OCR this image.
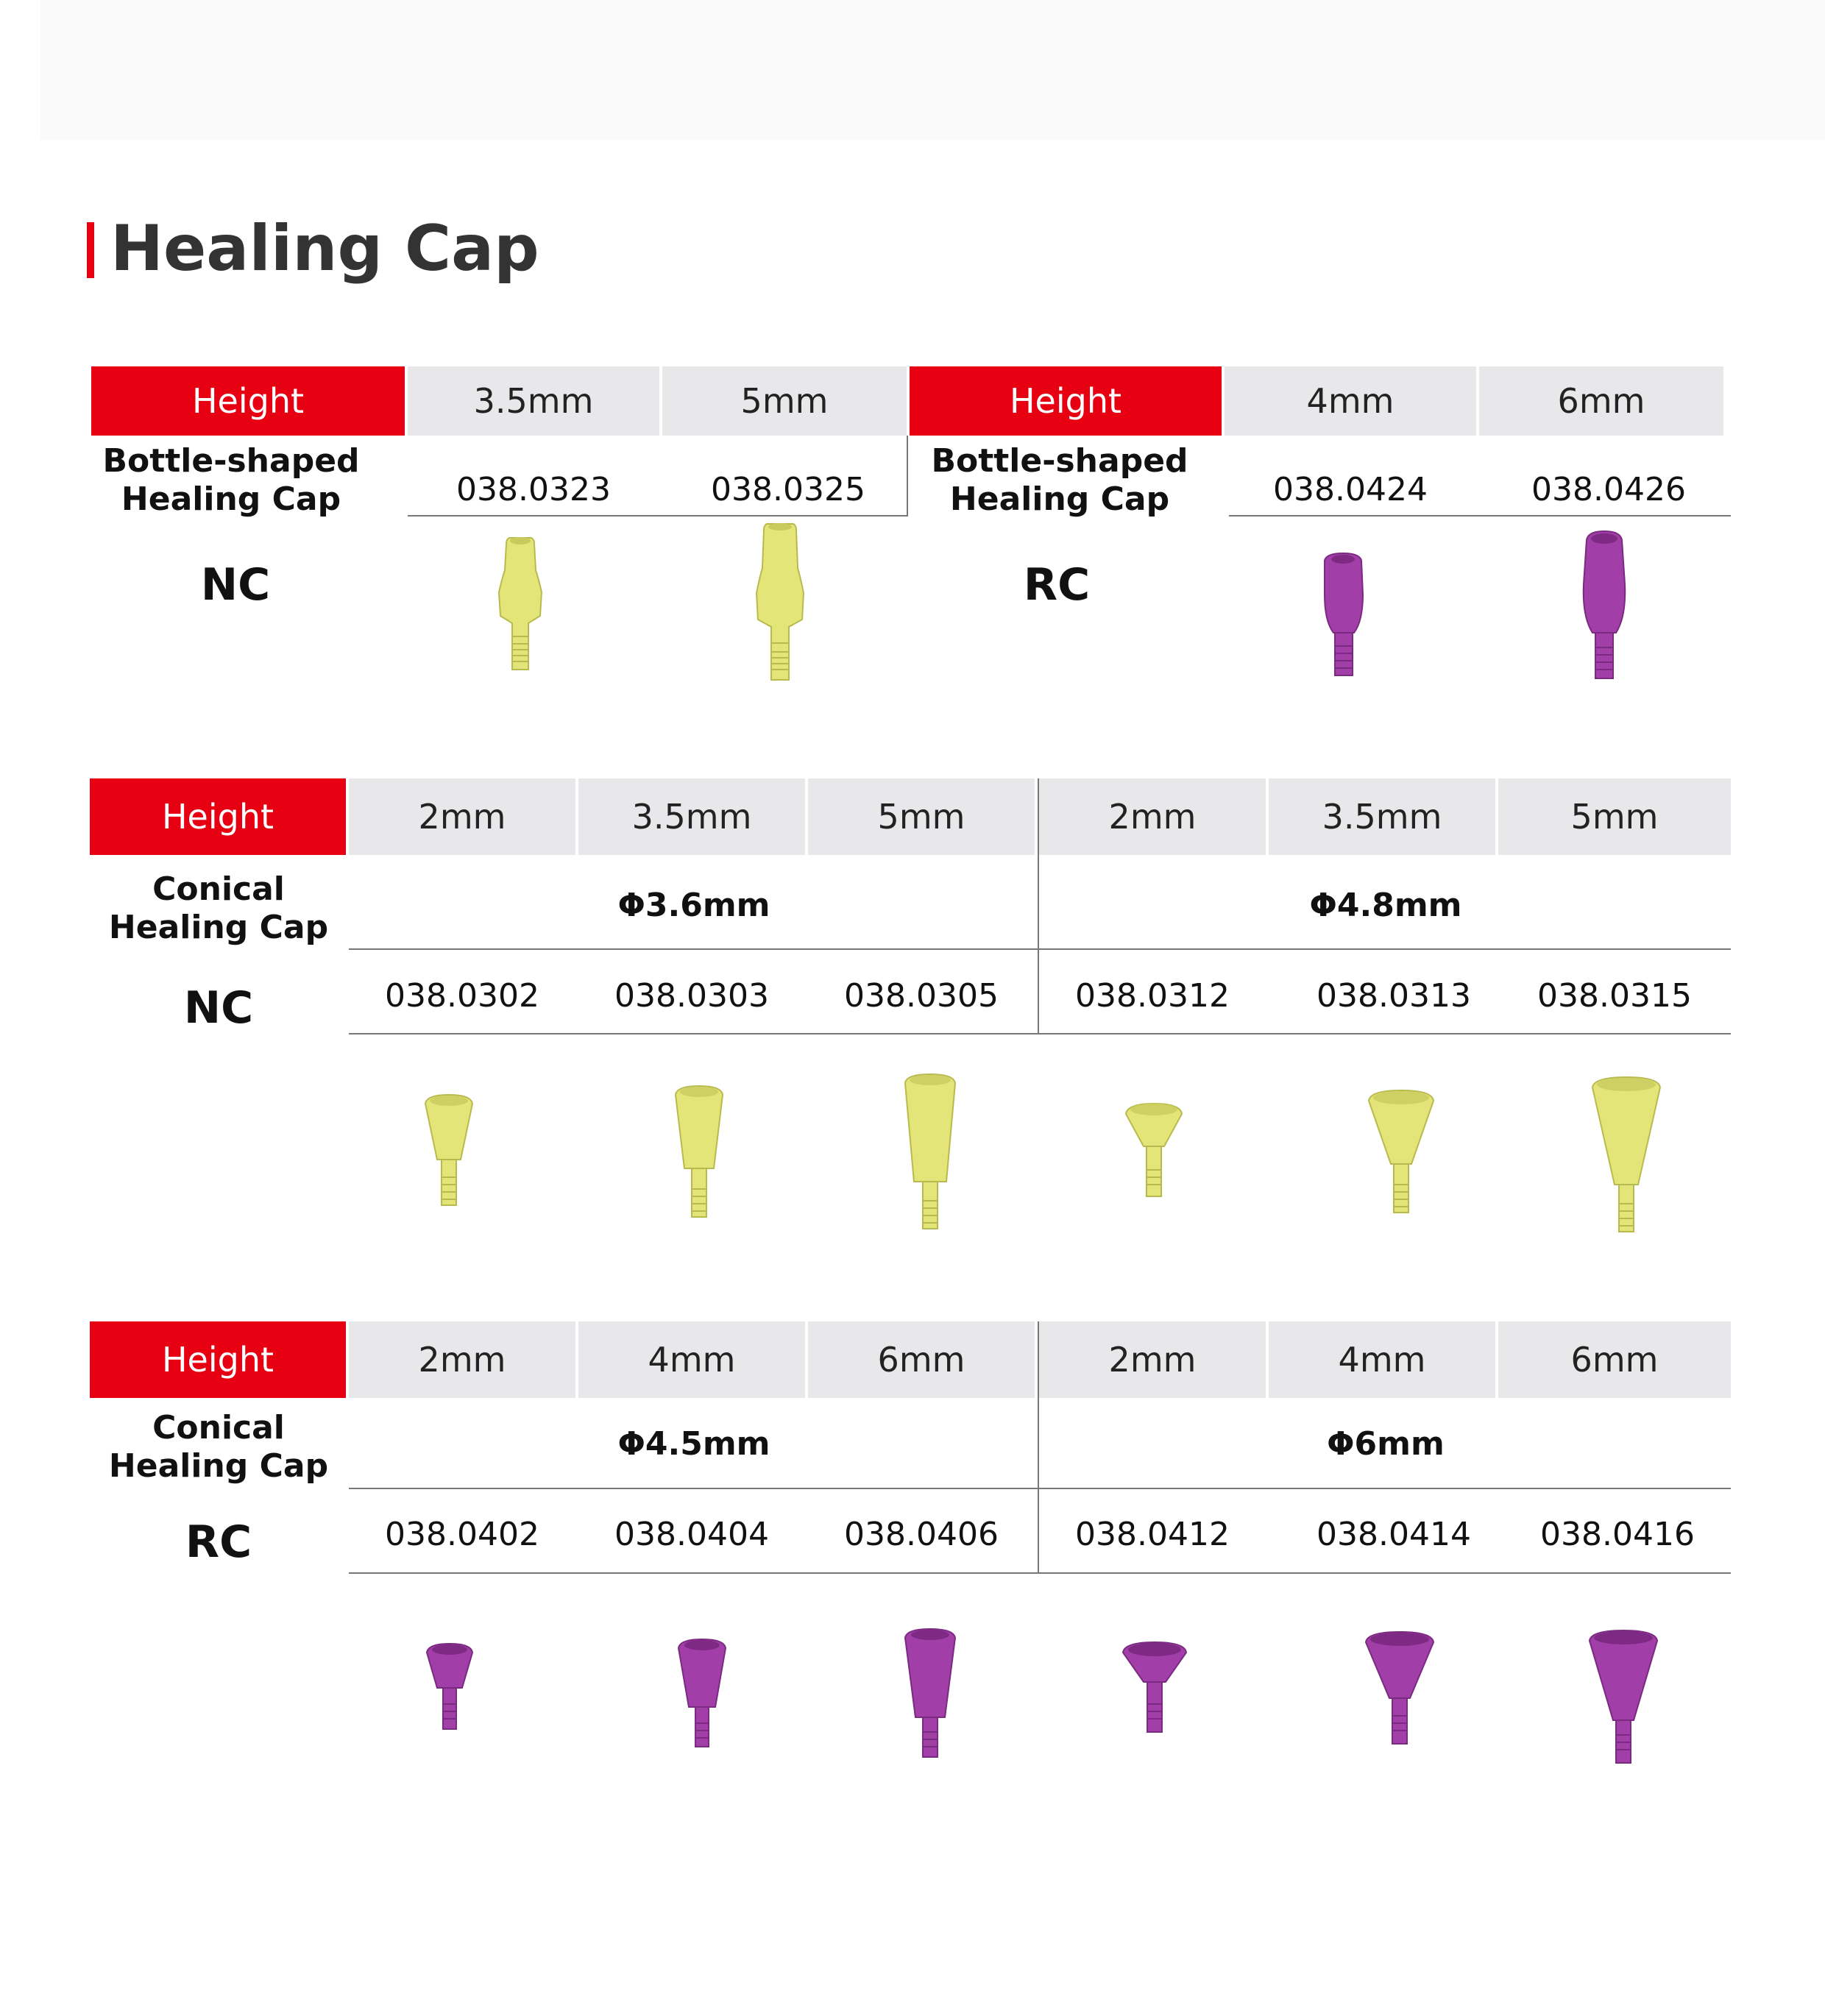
Healing Cap
Height	3.5mm	5mm
Bottle-shaped Healing Cap	038.0323	038.0325
NC
Height	4mm	6mm
Bottle-shaped Healing Cap	038.0424	038.0426
RC
Height	2mm	3.5mm	5mm	2mm	3.5mm	5mm
Conical Healing Cap
NC
Φ3.6mm	Φ4.8mm
038.0302	038.0303	038.0305	038.0312	038.0313	038.0315
Height	2mm	4mm	6mm	2mm	4mm	6mm
Conical Healing Cap
RC
Φ4.5mm	Φ6mm
038.0402	038.0404	038.0406	038.0412	038.0414	038.0416
